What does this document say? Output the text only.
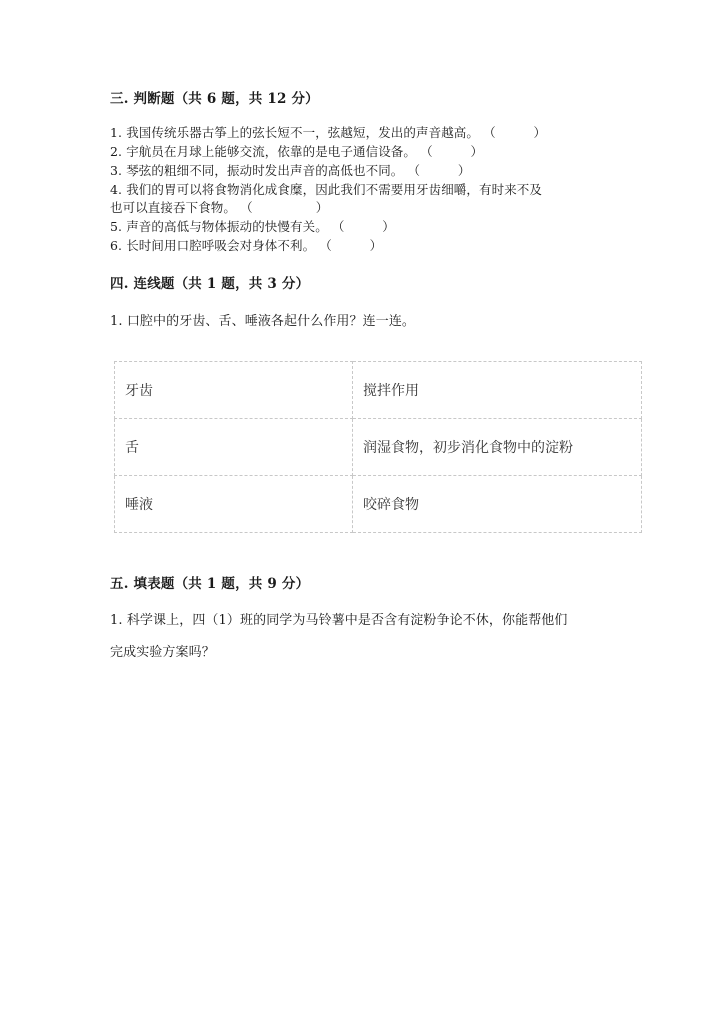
三. 判断题（共 6 题，共 12 分）
1. 我国传统乐器古筝上的弦长短不一，弦越短，发出的声音越高。 （　　　）
2. 宇航员在月球上能够交流，依靠的是电子通信设备。 （　　　）
3. 琴弦的粗细不同，振动时发出声音的高低也不同。 （　　　）
4. 我们的胃可以将食物消化成食糜，因此我们不需要用牙齿细嚼，有时来不及
也可以直接吞下食物。 （　　　　　）
5. 声音的高低与物体振动的快慢有关。 （　　　）
6. 长时间用口腔呼吸会对身体不利。 （　　　）
四. 连线题（共 1 题，共 3 分）
1. 口腔中的牙齿、舌、唾液各起什么作用？连一连。
牙齿	搅拌作用
舌	润湿食物，初步消化食物中的淀粉
唾液	咬碎食物
五. 填表题（共 1 题，共 9 分）
1. 科学课上，四（1）班的同学为马铃薯中是否含有淀粉争论不休，你能帮他们
完成实验方案吗？
